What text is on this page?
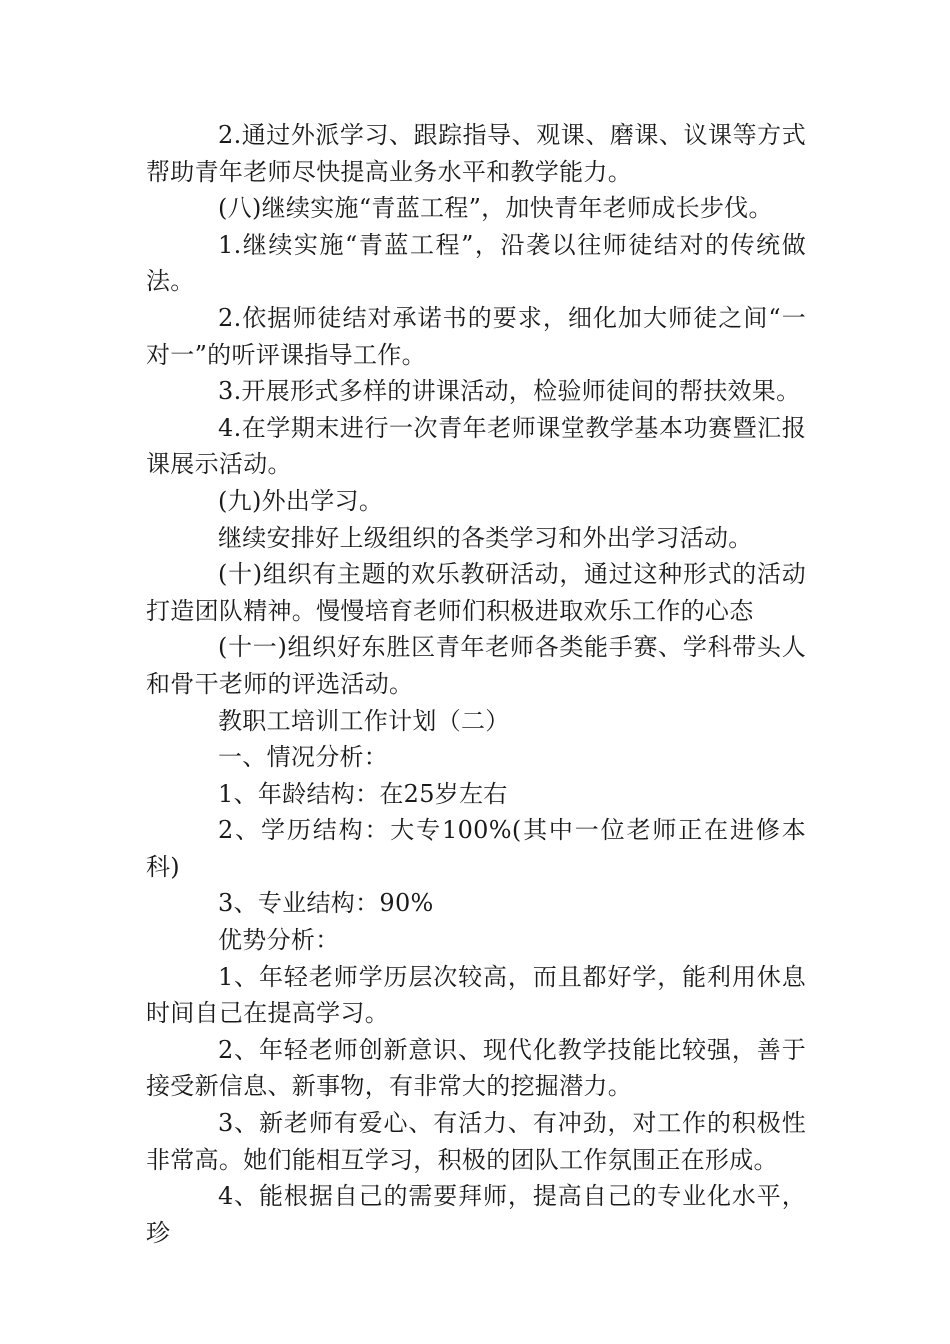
2.通过外派学习、跟踪指导、观课、磨课、议课等方式帮助青年老师尽快提高业务水平和教学能力。

(八)继续实施“青蓝工程”，加快青年老师成长步伐。

1.继续实施“青蓝工程”，沿袭以往师徒结对的传统做法。

2.依据师徒结对承诺书的要求，细化加大师徒之间“一对一”的听评课指导工作。

3.开展形式多样的讲课活动，检验师徒间的帮扶效果。

4.在学期末进行一次青年老师课堂教学基本功赛暨汇报课展示活动。

(九)外出学习。

继续安排好上级组织的各类学习和外出学习活动。

(十)组织有主题的欢乐教研活动，通过这种形式的活动打造团队精神。慢慢培育老师们积极进取欢乐工作的心态

(十一)组织好东胜区青年老师各类能手赛、学科带头人和骨干老师的评选活动。

教职工培训工作计划（二）

一、情况分析：

1、年龄结构：在25岁左右

2、学历结构：大专100%(其中一位老师正在进修本科)

3、专业结构：90%

优势分析：

1、年轻老师学历层次较高，而且都好学，能利用休息时间自己在提高学习。

2、年轻老师创新意识、现代化教学技能比较强，善于接受新信息、新事物，有非常大的挖掘潜力。

3、新老师有爱心、有活力、有冲劲，对工作的积极性非常高。她们能相互学习，积极的团队工作氛围正在形成。

4、能根据自己的需要拜师，提高自己的专业化水平，珍
